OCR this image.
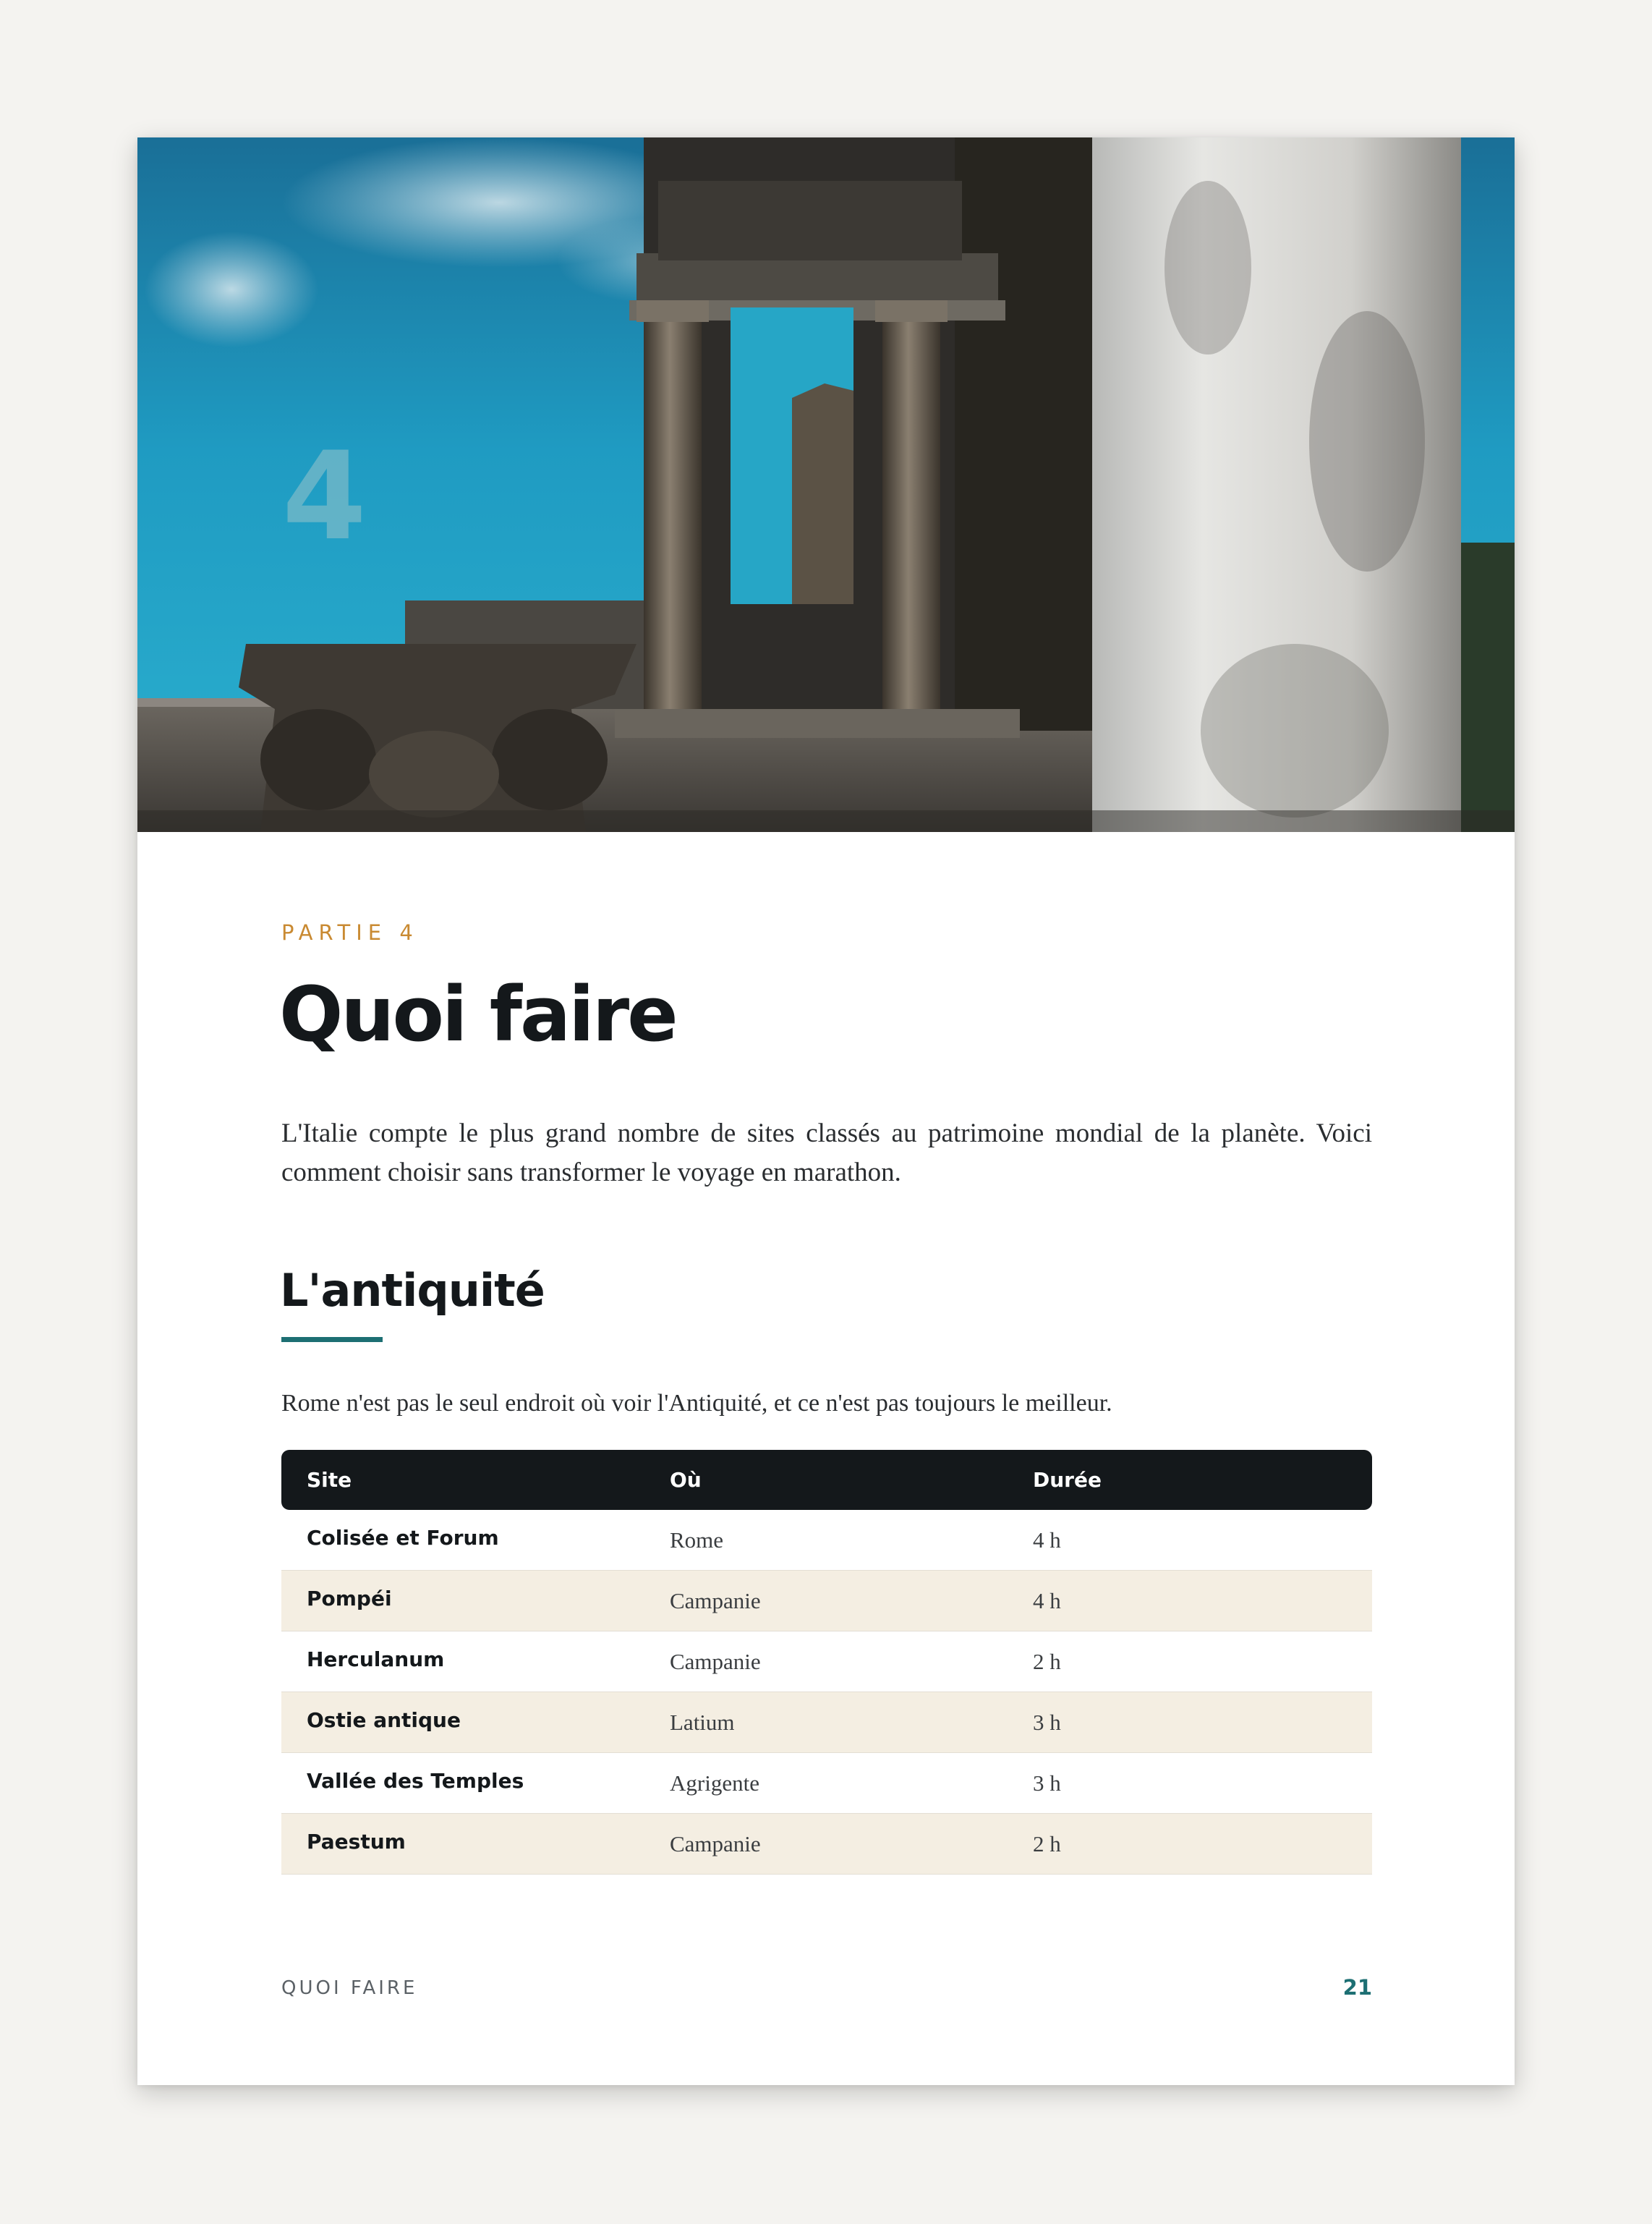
4
PARTIE 4
Quoi faire

L'Italie compte le plus grand nombre de sites classés au patrimoine mondial de la planète. Voici comment choisir sans transformer le voyage en marathon.

L'antiquité

Rome n'est pas le seul endroit où voir l'Antiquité, et ce n'est pas toujours le meilleur.

Site	Où	Durée
Colisée et Forum	Rome	4 h
Pompéi	Campanie	4 h
Herculanum	Campanie	2 h
Ostie antique	Latium	3 h
Vallée des Temples	Agrigente	3 h
Paestum	Campanie	2 h
QUOI FAIRE	21
